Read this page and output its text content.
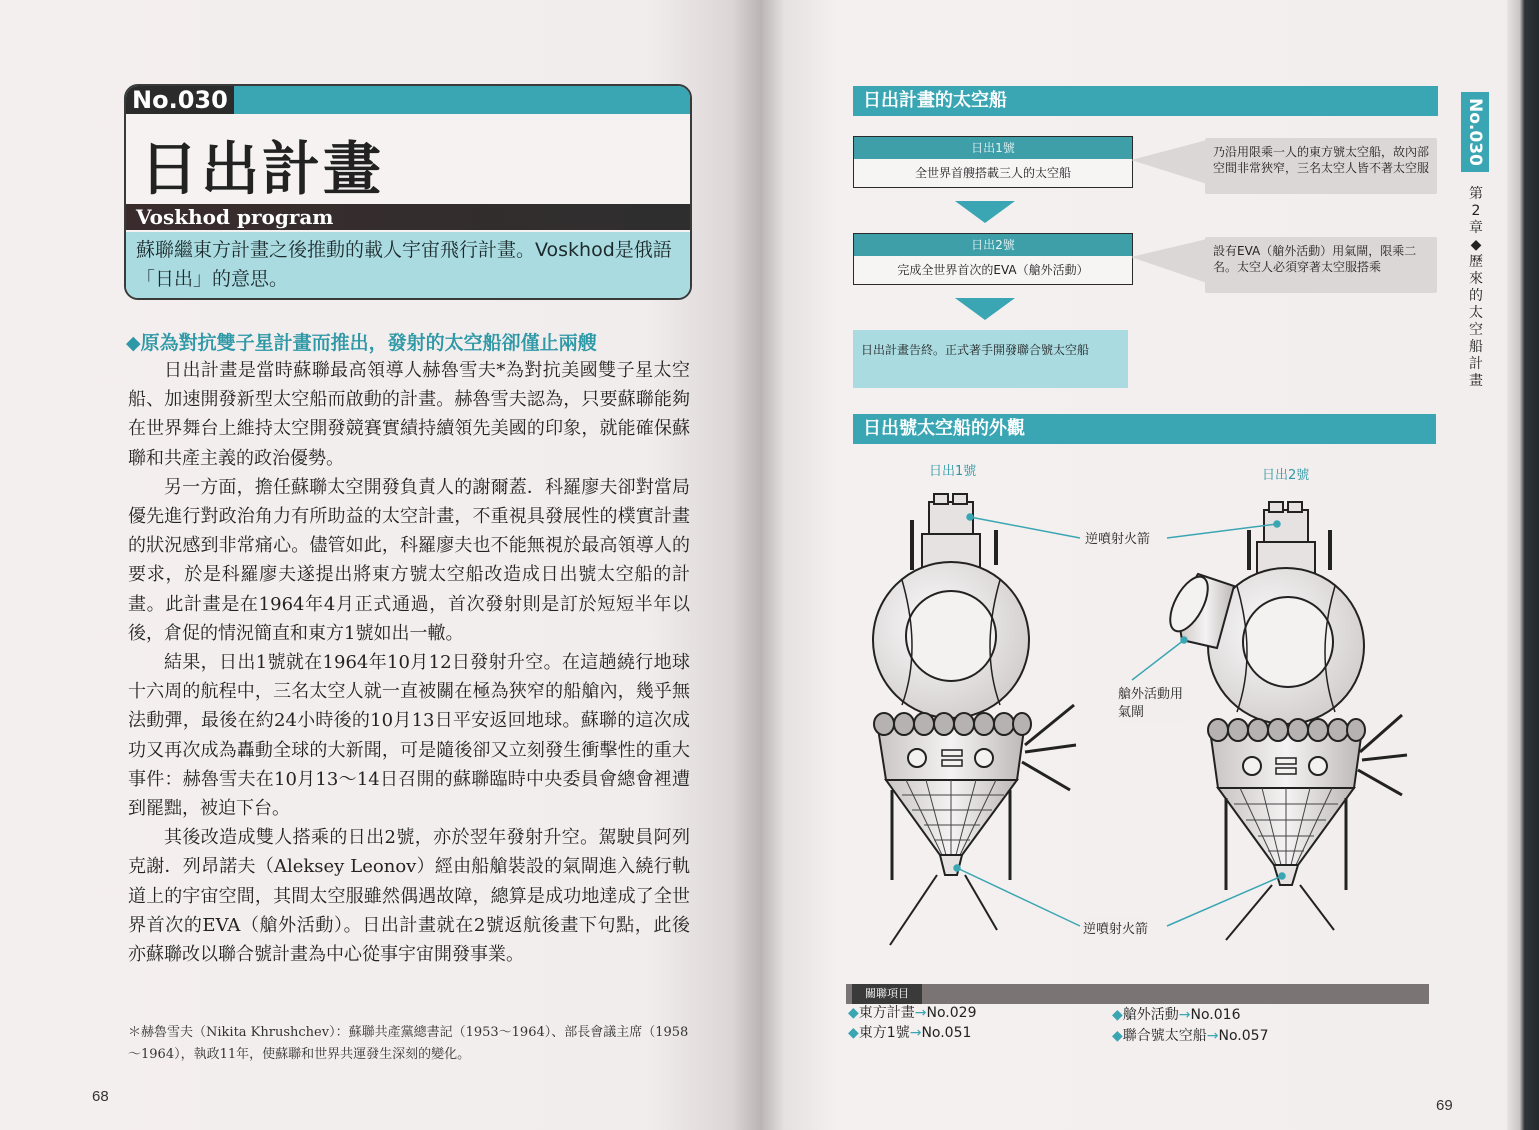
No.030
日出計畫
Voskhod program
蘇聯繼東方計畫之後推動的載人宇宙飛行計畫。Voskhod是俄語「日出」的意思。
◆原為對抗雙子星計畫而推出，發射的太空船卻僅止兩艘

日出計畫是當時蘇聯最高領導人赫魯雪夫*為對抗美國雙子星太空船、加速開發新型太空船而啟動的計畫。赫魯雪夫認為，只要蘇聯能夠在世界舞台上維持太空開發競賽實績持續領先美國的印象，就能確保蘇聯和共產主義的政治優勢。

另一方面，擔任蘇聯太空開發負責人的謝爾蓋．科羅廖夫卻對當局優先進行對政治角力有所助益的太空計畫，不重視具發展性的樸實計畫的狀況感到非常痛心。儘管如此，科羅廖夫也不能無視於最高領導人的要求，於是科羅廖夫遂提出將東方號太空船改造成日出號太空船的計畫。此計畫是在1964年4月正式通過，首次發射則是訂於短短半年以後，倉促的情況簡直和東方1號如出一轍。

結果，日出1號就在1964年10月12日發射升空。在這趟繞行地球十六周的航程中，三名太空人就一直被關在極為狹窄的船艙內，幾乎無法動彈，最後在約24小時後的10月13日平安返回地球。蘇聯的這次成功又再次成為轟動全球的大新聞，可是隨後卻又立刻發生衝擊性的重大事件：赫魯雪夫在10月13～14日召開的蘇聯臨時中央委員會總會裡遭到罷黜，被迫下台。

其後改造成雙人搭乘的日出2號，亦於翌年發射升空。駕駛員阿列克謝．列昂諾夫（Aleksey Leonov）經由船艙裝設的氣閘進入繞行軌道上的宇宙空間，其間太空服雖然偶遇故障，總算是成功地達成了全世界首次的EVA（艙外活動）。日出計畫就在2號返航後畫下句點，此後亦蘇聯改以聯合號計畫為中心從事宇宙開發事業。

＊赫魯雪夫（Nikita Khrushchev）：蘇聯共產黨總書記（1953～1964）、部長會議主席（1958～1964），執政11年，使蘇聯和世界共運發生深刻的變化。
68
日出計畫的太空船
日出1號
全世界首艘搭載三人的太空船
乃沿用限乘一人的東方號太空船，故內部空間非常狹窄，三名太空人皆不著太空服
日出2號
完成全世界首次的EVA（艙外活動）
設有EVA（艙外活動）用氣閘，限乘二名。太空人必須穿著太空服搭乘
日出計畫告終。正式著手開發聯合號太空船
日出號太空船的外觀
日出1號	日出2號
逆噴射火箭
艙外活動用氣閘
逆噴射火箭
關聯項目
◆東方計畫→No.029
◆東方1號→No.051
◆艙外活動→No.016
◆聯合號太空船→No.057
No.030
第2章◆歷來的太空船計畫
69
